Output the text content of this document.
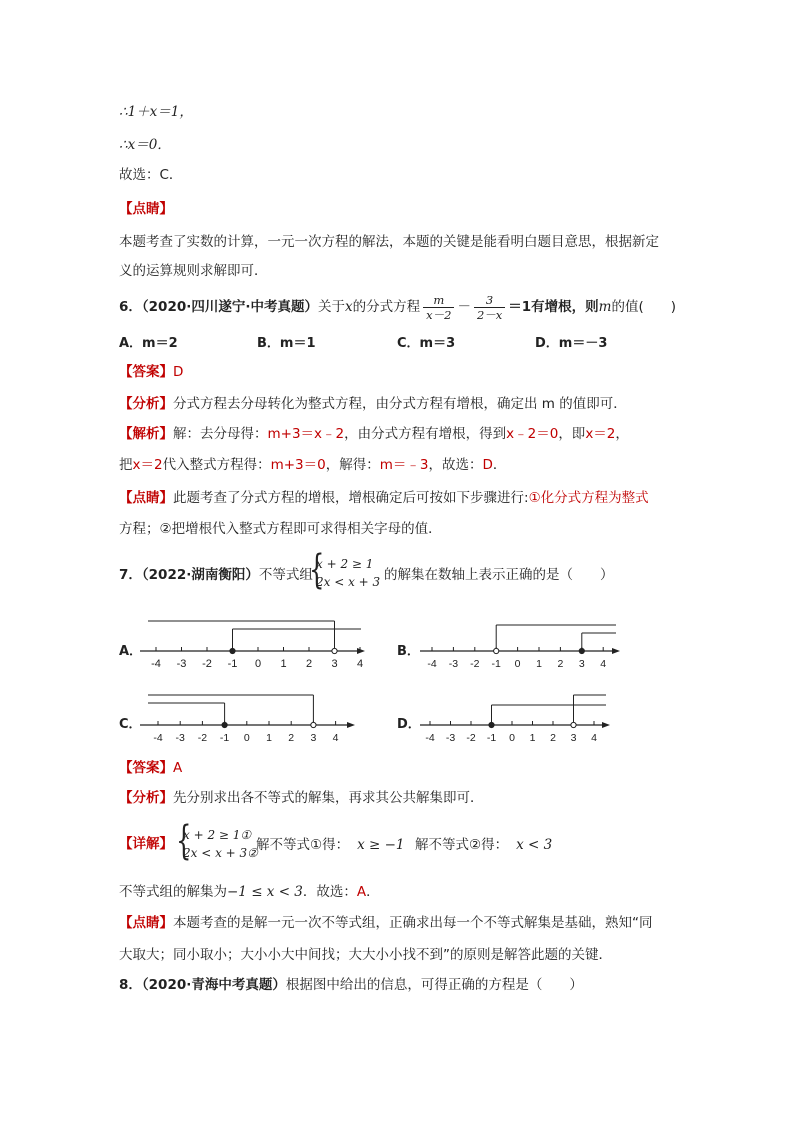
∴1＋x＝1，
∴x＝0．
故选：C．
【点睛】
本题考查了实数的计算，一元一次方程的解法，本题的关键是能看明白题目意思，根据新定
义的运算规则求解即可．
6．（2020·四川遂宁·中考真题）关于x的分式方程 $\frac{m}{x-2} - \frac{3}{2-x} =1$有增根，则m的值(　　)
A．m＝2	B．m＝1	C．m＝3	D．m＝－3
【答案】D
【分析】分式方程去分母转化为整式方程，由分式方程有增根，确定出 m 的值即可．
【解析】解：去分母得：m+3＝x﹣2，由分式方程有增根，得到x﹣2＝0，即x＝2，
把x＝2代入整式方程得：m+3＝0，解得：m＝﹣3，故选：D．
【点睛】此题考查了分式方程的增根，增根确定后可按如下步骤进行:①化分式方程为整式
方程；②把增根代入整式方程即可求得相关字母的值．
7．（2022·湖南衡阳）不等式组
{
x + 2 ≥ 1
2x < x + 3 的解集在数轴上表示正确的是（　　）
A．	B．
C．	D．
-4 -3 -2 -1 0 1 2 3 4	-4 -3 -2 -1 0 1 2 3 4
-4 -3 -2 -1 0 1 2 3 4	-4 -3 -2 -1 0 1 2 3 4
【答案】A
【分析】先分别求出各不等式的解集，再求其公共解集即可．
【详解】 {
x + 2 ≥ 1①
2x < x + 3②
解不等式①得： x ≥ −1 解不等式②得： x < 3
不等式组的解集为−1 ≤ x < 3．故选：A．
【点睛】本题考查的是解一元一次不等式组，正确求出每一个不等式解集是基础，熟知“同
大取大；同小取小；大小小大中间找；大大小小找不到”的原则是解答此题的关键．
8．（2020·青海中考真题）根据图中给出的信息，可得正确的方程是（　　）
